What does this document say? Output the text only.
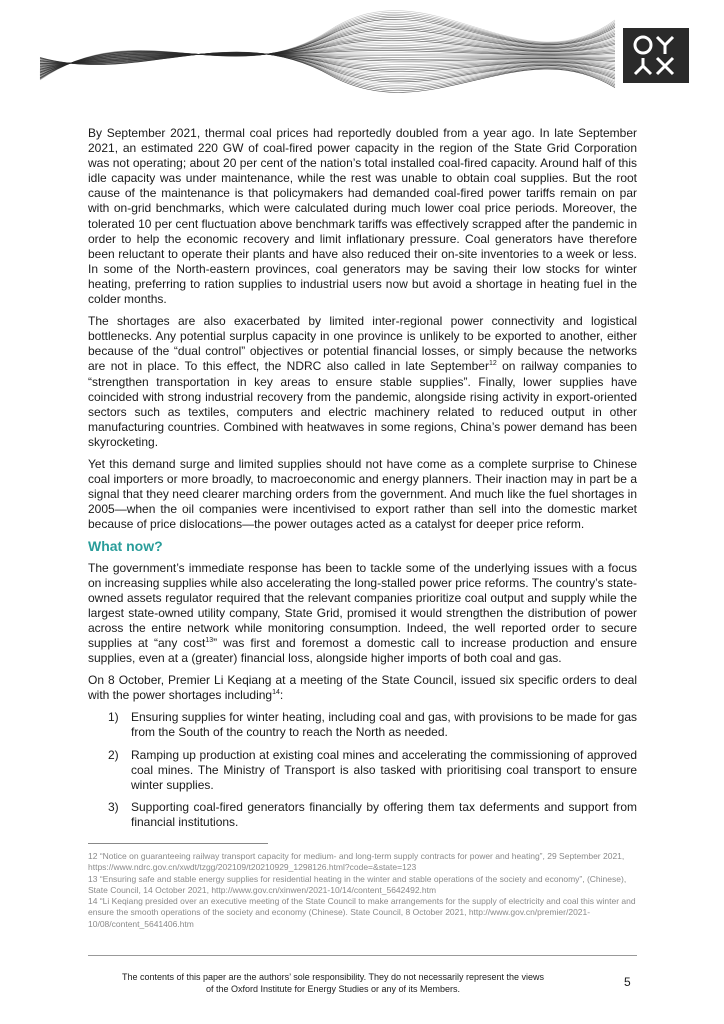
By September 2021, thermal coal prices had reportedly doubled from a year ago. In late September 2021, an estimated 220 GW of coal-fired power capacity in the region of the State Grid Corporation was not operating; about 20 per cent of the nation’s total installed coal-fired capacity. Around half of this idle capacity was under maintenance, while the rest was unable to obtain coal supplies. But the root cause of the maintenance is that policymakers had demanded coal-fired power tariffs remain on par with on-grid benchmarks, which were calculated during much lower coal price periods. Moreover, the tolerated 10 per cent fluctuation above benchmark tariffs was effectively scrapped after the pandemic in order to help the economic recovery and limit inflationary pressure. Coal generators have therefore been reluctant to operate their plants and have also reduced their on-site inventories to a week or less. In some of the North-eastern provinces, coal generators may be saving their low stocks for winter heating, preferring to ration supplies to industrial users now but avoid a shortage in heating fuel in the colder months.

The shortages are also exacerbated by limited inter-regional power connectivity and logistical bottlenecks. Any potential surplus capacity in one province is unlikely to be exported to another, either because of the “dual control” objectives or potential financial losses, or simply because the networks are not in place. To this effect, the NDRC also called in late September$^{12}$ on railway companies to “strengthen transportation in key areas to ensure stable supplies”. Finally, lower supplies have coincided with strong industrial recovery from the pandemic, alongside rising activity in export-oriented sectors such as textiles, computers and electric machinery related to reduced output in other manufacturing countries. Combined with heatwaves in some regions, China’s power demand has been skyrocketing.

Yet this demand surge and limited supplies should not have come as a complete surprise to Chinese coal importers or more broadly, to macroeconomic and energy planners. Their inaction may in part be a signal that they need clearer marching orders from the government. And much like the fuel shortages in 2005—when the oil companies were incentivised to export rather than sell into the domestic market because of price dislocations—the power outages acted as a catalyst for deeper price reform.

What now?

The government’s immediate response has been to tackle some of the underlying issues with a focus on increasing supplies while also accelerating the long-stalled power price reforms. The country’s state-owned assets regulator required that the relevant companies prioritize coal output and supply while the largest state-owned utility company, State Grid, promised it would strengthen the distribution of power across the entire network while monitoring consumption. Indeed, the well reported order to secure supplies at “any cost$^{13}$” was first and foremost a domestic call to increase production and ensure supplies, even at a (greater) financial loss, alongside higher imports of both coal and gas.

On 8 October, Premier Li Keqiang at a meeting of the State Council, issued six specific orders to deal with the power shortages including$^{14}$:

1) Ensuring supplies for winter heating, including coal and gas, with provisions to be made for gas from the South of the country to reach the North as needed.
2) Ramping up production at existing coal mines and accelerating the commissioning of approved coal mines. The Ministry of Transport is also tasked with prioritising coal transport to ensure winter supplies.
3) Supporting coal-fired generators financially by offering them tax deferments and support from financial institutions.

12 “Notice on guaranteeing railway transport capacity for medium- and long-term supply contracts for power and heating”, 29 September 2021, https://www.ndrc.gov.cn/xwdt/tzgg/202109/t20210929_1298126.html?code=&state=123

13 “Ensuring safe and stable energy supplies for residential heating in the winter and stable operations of the society and economy”, (Chinese), State Council, 14 October 2021, http://www.gov.cn/xinwen/2021-10/14/content_5642492.htm

14 “Li Keqiang presided over an executive meeting of the State Council to make arrangements for the supply of electricity and coal this winter and ensure the smooth operations of the society and economy (Chinese). State Council, 8 October 2021, http://www.gov.cn/premier/2021-10/08/content_5641406.htm

The contents of this paper are the authors’ sole responsibility. They do not necessarily represent the views
of the Oxford Institute for Energy Studies or any of its Members.	5
